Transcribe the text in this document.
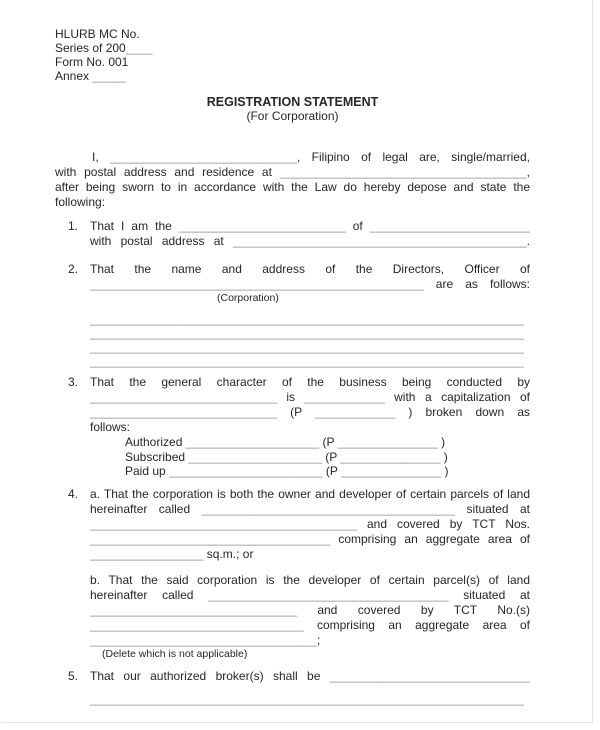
HLURB MC No.
Series of 200____
Form No. 001
Annex _____
REGISTRATION STATEMENT
(For Corporation)
I, ____________________________, Filipino of legal are, single/married,
with postal address and residence at _____________________________________,
after being sworn to in accordance with the Law do hereby depose and state the
following:
1. That I am the _________________________ of ________________________
with postal address at ____________________________________________.
2. That the name and address of the Directors, Officer of
__________________________________________________ are as follows:
(Corporation)
_________________________________________________________________
_________________________________________________________________
_________________________________________________________________
_________________________________________________________________
3. That the general character of the business being conducted by
____________________________ is ____________ with a capitalization of
____________________________ (P ____________ ) broken down as
follows:
Authorized ____________________ (P _______________ )
Subscribed ____________________ (P _______________ )
Paid up _______________________ (P _______________ )
4. a. That the corporation is both the owner and developer of certain parcels of land
hereinafter called ______________________________________ situated at
________________________________________ and covered by TCT Nos.
____________________________________ comprising an aggregate area of
_________________ sq.m.; or
b. That the said corporation is the developer of certain parcel(s) of land
hereinafter called ____________________________________ situated at
_______________________________ and covered by TCT No.(s)
________________________________ comprising an aggregate area of
__________________________________;
(Delete which is not applicable)
5. That our authorized broker(s) shall be ______________________________
_________________________________________________________________
